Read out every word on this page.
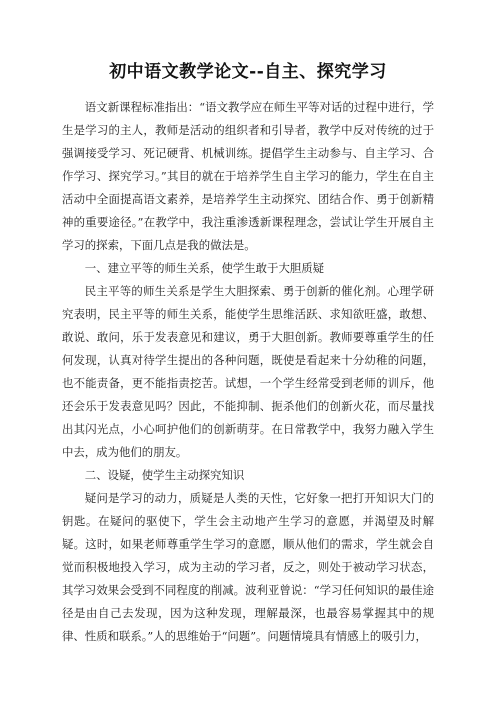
初中语文教学论文--自主、探究学习

语文新课程标准指出：“语文教学应在师生平等对话的过程中进行，学生是学习的主人，教师是活动的组织者和引导者，教学中反对传统的过于强调接受学习、死记硬背、机械训练。提倡学生主动参与、自主学习、合作学习、探究学习。”其目的就在于培养学生自主学习的能力，学生在自主活动中全面提高语文素养，是培养学生主动探究、团结合作、勇于创新精神的重要途径。”在教学中，我注重渗透新课程理念，尝试让学生开展自主学习的探索，下面几点是我的做法是。

一、建立平等的师生关系，使学生敢于大胆质疑

民主平等的师生关系是学生大胆探索、勇于创新的催化剂。心理学研究表明，民主平等的师生关系，能使学生思维活跃、求知欲旺盛，敢想、敢说、敢问，乐于发表意见和建议，勇于大胆创新。教师要尊重学生的任何发现，认真对待学生提出的各种问题，既使是看起来十分幼稚的问题，也不能责备，更不能指责挖苦。试想，一个学生经常受到老师的训斥，他还会乐于发表意见吗？因此，不能抑制、扼杀他们的创新火花，而尽量找出其闪光点，小心呵护他们的创新萌芽。在日常教学中，我努力融入学生中去，成为他们的朋友。

二、设疑，使学生主动探究知识

疑问是学习的动力，质疑是人类的天性，它好象一把打开知识大门的钥匙。在疑问的驱使下，学生会主动地产生学习的意愿，并渴望及时解疑。这时，如果老师尊重学生学习的意愿，顺从他们的需求，学生就会自觉而积极地投入学习，成为主动的学习者，反之，则处于被动学习状态，其学习效果会受到不同程度的削减。波利亚曾说：“学习任何知识的最佳途径是由自己去发现，因为这种发现，理解最深，也最容易掌握其中的规律、性质和联系。”人的思维始于“问题”。问题情境具有情感上的吸引力，
